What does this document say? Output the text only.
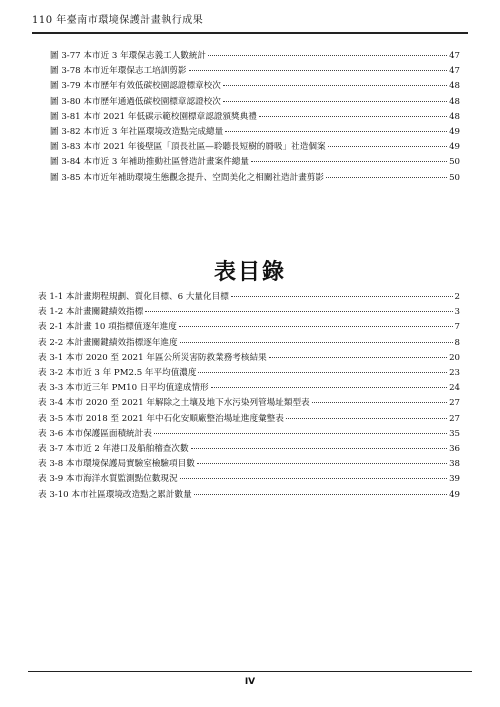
110 年臺南市環境保護計畫執行成果
圖 3-77 本市近 3 年環保志義工人數統計	47
圖 3-78 本市近年環保志工培訓剪影	47
圖 3-79 本市歷年有效低碳校園認證標章校次	48
圖 3-80 本市歷年通過低碳校園標章認證校次	48
圖 3-81 本市 2021 年低碳示範校園標章認證頒獎典禮	48
圖 3-82 本市近 3 年社區環境改造點完成總量	49
圖 3-83 本市 2021 年後壁區「頂長社區—聆聽長短樹的脣吸」社造個案	49
圖 3-84 本市近 3 年補助推動社區營造計畫案件總量	50
圖 3-85 本市近年補助環境生態觀念提升、空間美化之相關社造計畫剪影	50
表目錄
表 1-1 本計畫期程規劃、質化目標、6 大量化目標	2
表 1-2 本計畫關鍵績效指標	3
表 2-1 本計畫 10 項指標值逐年進度	7
表 2-2 本計畫關鍵績效指標逐年進度	8
表 3-1 本市 2020 至 2021 年區公所災害防救業務考核結果	20
表 3-2 本市近 3 年 PM2.5 年平均值濃度	23
表 3-3 本市近三年 PM10 日平均值達成情形	24
表 3-4 本市 2020 至 2021 年解除之土壤及地下水污染列管場址類型表	27
表 3-5 本市 2018 至 2021 年中石化安順廠整治場址進度彙整表	27
表 3-6 本市保護區面積統計表	35
表 3-7 本市近 2 年港口及船舶稽查次數	36
表 3-8 本市環境保護局實驗室檢驗項目數	38
表 3-9 本市海洋水質監測點位數現況	39
表 3-10 本市社區環境改造點之累計數量	49
IV
